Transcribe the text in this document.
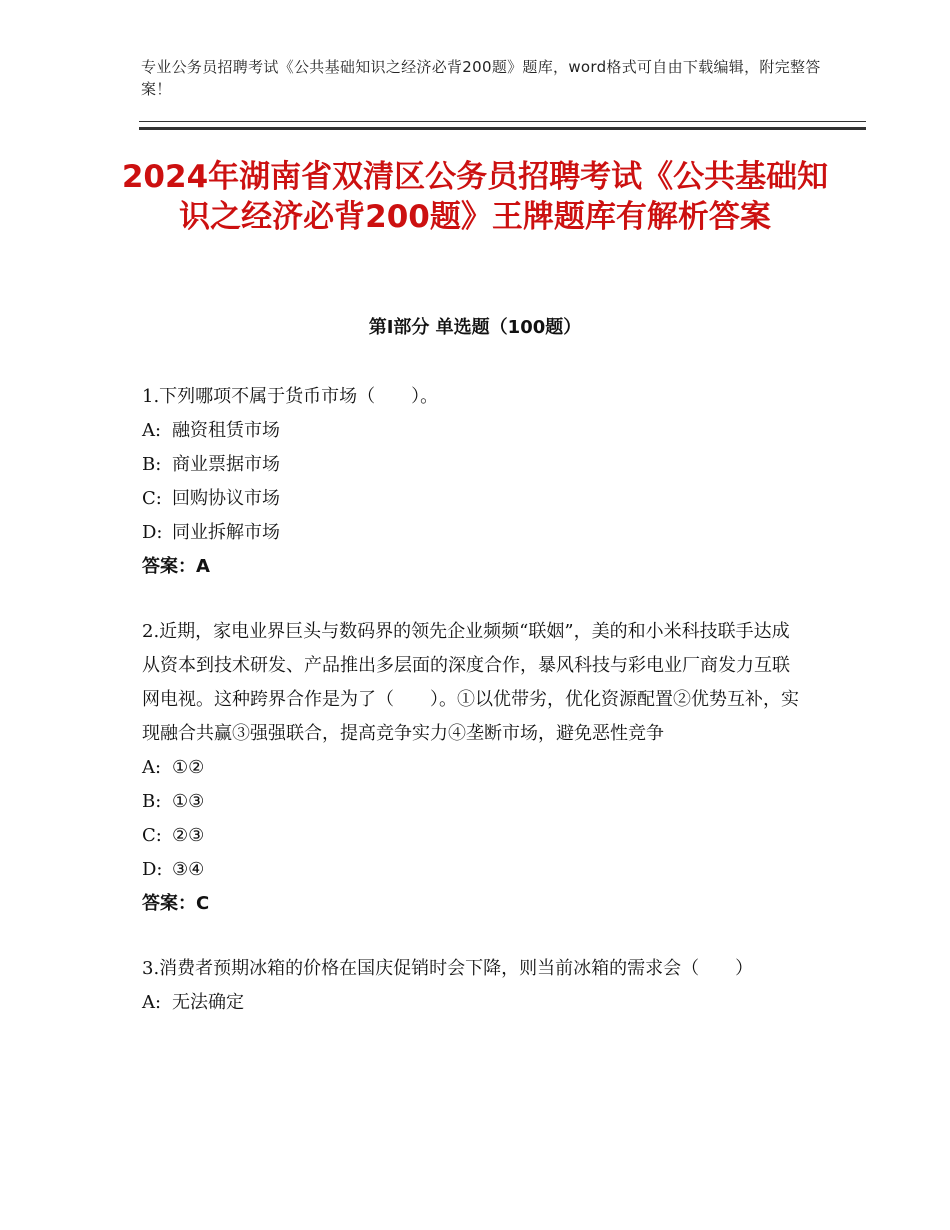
专业公务员招聘考试《公共基础知识之经济必背200题》题库，word格式可自由下载编辑，附完整答案！
2024年湖南省双清区公务员招聘考试《公共基础知识之经济必背200题》王牌题库有解析答案
第Ⅰ部分 单选题（100题）
1.下列哪项不属于货币市场（　　）。
A: 融资租赁市场
B: 商业票据市场
C: 回购协议市场
D: 同业拆解市场
答案：A
2.近期，家电业界巨头与数码界的领先企业频频“联姻”，美的和小米科技联手达成从资本到技术研发、产品推出多层面的深度合作，暴风科技与彩电业厂商发力互联网电视。这种跨界合作是为了（　　）。①以优带劣，优化资源配置②优势互补，实现融合共赢③强强联合，提高竞争实力④垄断市场，避免恶性竞争
A: ①②
B: ①③
C: ②③
D: ③④
答案：C
3.消费者预期冰箱的价格在国庆促销时会下降，则当前冰箱的需求会（　　）
A: 无法确定
